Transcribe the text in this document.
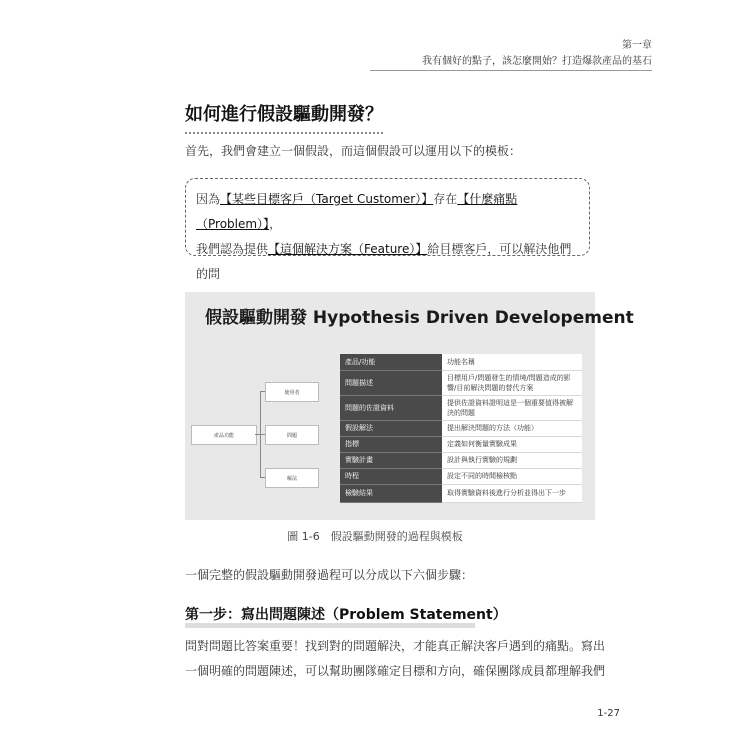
第一章
我有個好的點子，該怎麼開始？打造爆款產品的基石
如何進行假設驅動開發？
首先，我們會建立一個假設，而這個假設可以運用以下的模板：
因為【某些目標客戶（Target Customer）】存在【什麼痛點（Problem）】，
我們認為提供【這個解決方案（Feature）】給目標客戶，可以解決他們的問
假設驅動開發 Hypothesis Driven Developement
產品功能
使用者
問題
解法
產品/功能	功能名稱
問題描述	目標用戶/問題發生的情境/問題造成的影響/目前解決問題的替代方案
問題的佐證資料	提供佐證資料證明這是一個重要值得被解決的問題
假設解法	提出解決問題的方法（功能）
指標	定義如何衡量實驗成果
實驗計畫	設計與執行實驗的規劃
時程	設定不同的時間檢核點
檢驗結果	取得實驗資料後進行分析並得出下一步
圖 1-6　假設驅動開發的過程與模板
一個完整的假設驅動開發過程可以分成以下六個步驟：
第一步：寫出問題陳述（Problem Statement）
問對問題比答案重要！找到對的問題解決，才能真正解決客戶遇到的痛點。寫出
一個明確的問題陳述，可以幫助團隊確定目標和方向，確保團隊成員都理解我們
1-27
